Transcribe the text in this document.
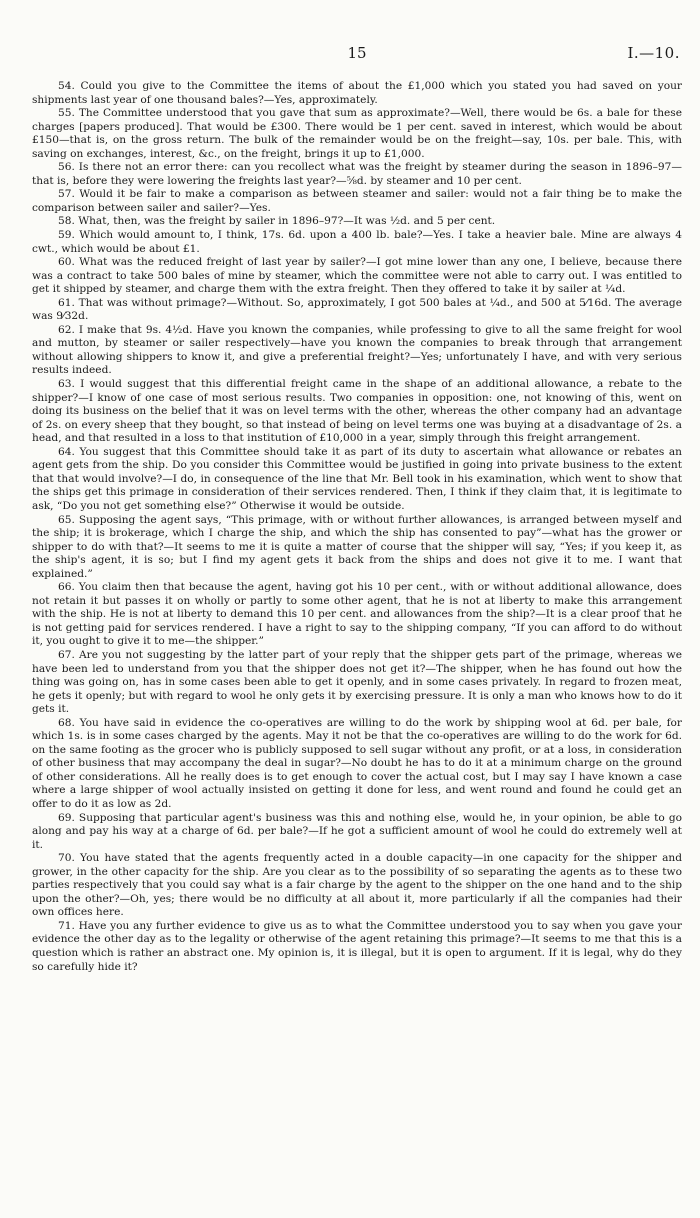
15	I.—10.

54. Could you give to the Committee the items of about the £1,000 which you stated you had saved on your shipments last year of one thousand bales?—Yes, approximately.

55. The Committee understood that you gave that sum as approximate?—Well, there would be 6s. a bale for these charges [papers produced]. That would be £300. There would be 1 per cent. saved in interest, which would be about £150—that is, on the gross return. The bulk of the remainder would be on the freight—say, 10s. per bale. This, with saving on exchanges, interest, &c., on the freight, brings it up to £1,000.

56. Is there not an error there: can you recollect what was the freight by steamer during the season in 1896–97—that is, before they were lowering the freights last year?—⅝d. by steamer and 10 per cent.

57. Would it be fair to make a comparison as between steamer and sailer: would not a fair thing be to make the comparison between sailer and sailer?—Yes.

58. What, then, was the freight by sailer in 1896–97?—It was ½d. and 5 per cent.

59. Which would amount to, I think, 17s. 6d. upon a 400 lb. bale?—Yes. I take a heavier bale. Mine are always 4 cwt., which would be about £1.

60. What was the reduced freight of last year by sailer?—I got mine lower than any one, I believe, because there was a contract to take 500 bales of mine by steamer, which the committee were not able to carry out. I was entitled to get it shipped by steamer, and charge them with the extra freight. Then they offered to take it by sailer at ¼d.

61. That was without primage?—Without. So, approximately, I got 500 bales at ¼d., and 500 at 5⁄16d. The average was 9⁄32d.

62. I make that 9s. 4½d. Have you known the companies, while professing to give to all the same freight for wool and mutton, by steamer or sailer respectively—have you known the companies to break through that arrangement without allowing shippers to know it, and give a preferential freight?—Yes; unfortunately I have, and with very serious results indeed.

63. I would suggest that this differential freight came in the shape of an additional allowance, a rebate to the shipper?—I know of one case of most serious results. Two companies in opposition: one, not knowing of this, went on doing its business on the belief that it was on level terms with the other, whereas the other company had an advantage of 2s. on every sheep that they bought, so that instead of being on level terms one was buying at a disadvantage of 2s. a head, and that resulted in a loss to that institution of £10,000 in a year, simply through this freight arrangement.

64. You suggest that this Committee should take it as part of its duty to ascertain what allowance or rebates an agent gets from the ship. Do you consider this Committee would be justified in going into private business to the extent that that would involve?—I do, in consequence of the line that Mr. Bell took in his examination, which went to show that the ships get this primage in consideration of their services rendered. Then, I think if they claim that, it is legitimate to ask, “Do you not get something else?” Otherwise it would be outside.

65. Supposing the agent says, “This primage, with or without further allowances, is arranged between myself and the ship; it is brokerage, which I charge the ship, and which the ship has consented to pay”—what has the grower or shipper to do with that?—It seems to me it is quite a matter of course that the shipper will say, “Yes; if you keep it, as the ship's agent, it is so; but I find my agent gets it back from the ships and does not give it to me. I want that explained.”

66. You claim then that because the agent, having got his 10 per cent., with or without additional allowance, does not retain it but passes it on wholly or partly to some other agent, that he is not at liberty to make this arrangement with the ship. He is not at liberty to demand this 10 per cent. and allowances from the ship?—It is a clear proof that he is not getting paid for services rendered. I have a right to say to the shipping company, “If you can afford to do without it, you ought to give it to me—the shipper.”

67. Are you not suggesting by the latter part of your reply that the shipper gets part of the primage, whereas we have been led to understand from you that the shipper does not get it?—The shipper, when he has found out how the thing was going on, has in some cases been able to get it openly, and in some cases privately. In regard to frozen meat, he gets it openly; but with regard to wool he only gets it by exercising pressure. It is only a man who knows how to do it gets it.

68. You have said in evidence the co-operatives are willing to do the work by shipping wool at 6d. per bale, for which 1s. is in some cases charged by the agents. May it not be that the co-operatives are willing to do the work for 6d. on the same footing as the grocer who is publicly supposed to sell sugar without any profit, or at a loss, in consideration of other business that may accompany the deal in sugar?—No doubt he has to do it at a minimum charge on the ground of other considerations. All he really does is to get enough to cover the actual cost, but I may say I have known a case where a large shipper of wool actually insisted on getting it done for less, and went round and found he could get an offer to do it as low as 2d.

69. Supposing that particular agent's business was this and nothing else, would he, in your opinion, be able to go along and pay his way at a charge of 6d. per bale?—If he got a sufficient amount of wool he could do extremely well at it.

70. You have stated that the agents frequently acted in a double capacity—in one capacity for the shipper and grower, in the other capacity for the ship. Are you clear as to the possibility of so separating the agents as to these two parties respectively that you could say what is a fair charge by the agent to the shipper on the one hand and to the ship upon the other?—Oh, yes; there would be no difficulty at all about it, more particularly if all the companies had their own offices here.

71. Have you any further evidence to give us as to what the Committee understood you to say when you gave your evidence the other day as to the legality or otherwise of the agent retaining this primage?—It seems to me that this is a question which is rather an abstract one. My opinion is, it is illegal, but it is open to argument. If it is legal, why do they so carefully hide it?
